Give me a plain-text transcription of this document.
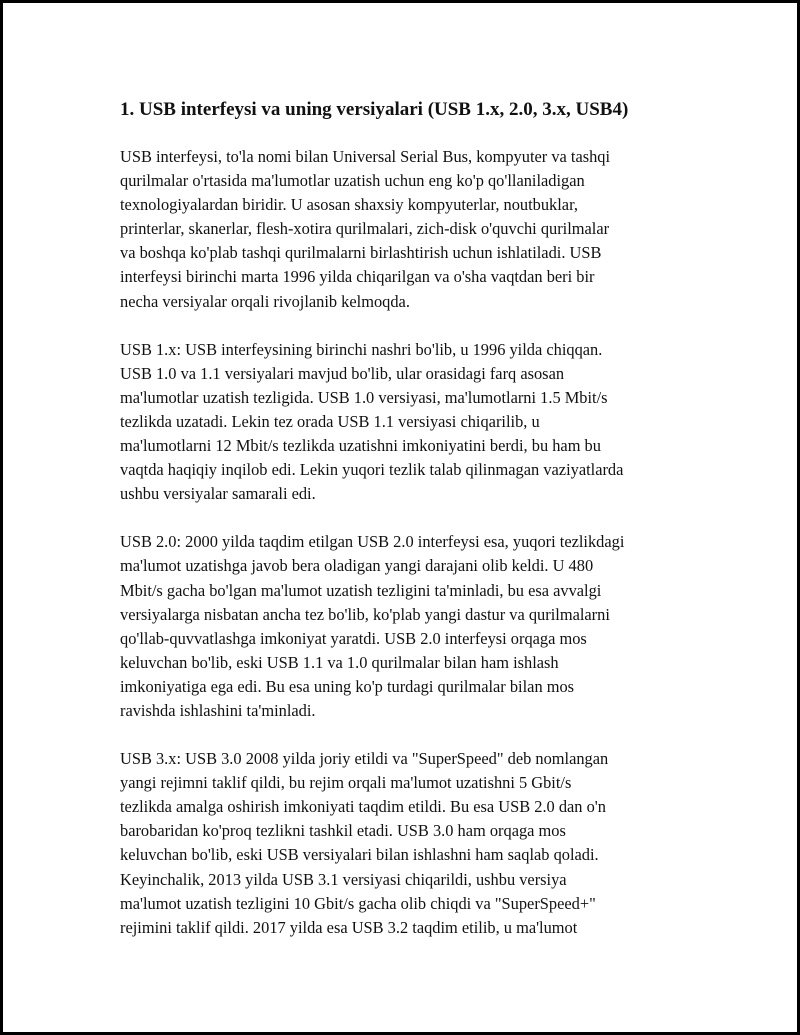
1. USB interfeysi va uning versiyalari (USB 1.x, 2.0, 3.x, USB4)

USB interfeysi, to'la nomi bilan Universal Serial Bus, kompyuter va tashqi
qurilmalar o'rtasida ma'lumotlar uzatish uchun eng ko'p qo'llaniladigan
texnologiyalardan biridir. U asosan shaxsiy kompyuterlar, noutbuklar,
printerlar, skanerlar, flesh-xotira qurilmalari, zich-disk o'quvchi qurilmalar
va boshqa ko'plab tashqi qurilmalarni birlashtirish uchun ishlatiladi. USB
interfeysi birinchi marta 1996 yilda chiqarilgan va o'sha vaqtdan beri bir
necha versiyalar orqali rivojlanib kelmoqda.

USB 1.x: USB interfeysining birinchi nashri bo'lib, u 1996 yilda chiqqan.
USB 1.0 va 1.1 versiyalari mavjud bo'lib, ular orasidagi farq asosan
ma'lumotlar uzatish tezligida. USB 1.0 versiyasi, ma'lumotlarni 1.5 Mbit/s
tezlikda uzatadi. Lekin tez orada USB 1.1 versiyasi chiqarilib, u
ma'lumotlarni 12 Mbit/s tezlikda uzatishni imkoniyatini berdi, bu ham bu
vaqtda haqiqiy inqilob edi. Lekin yuqori tezlik talab qilinmagan vaziyatlarda
ushbu versiyalar samarali edi.

USB 2.0: 2000 yilda taqdim etilgan USB 2.0 interfeysi esa, yuqori tezlikdagi
ma'lumot uzatishga javob bera oladigan yangi darajani olib keldi. U 480
Mbit/s gacha bo'lgan ma'lumot uzatish tezligini ta'minladi, bu esa avvalgi
versiyalarga nisbatan ancha tez bo'lib, ko'plab yangi dastur va qurilmalarni
qo'llab-quvvatlashga imkoniyat yaratdi. USB 2.0 interfeysi orqaga mos
keluvchan bo'lib, eski USB 1.1 va 1.0 qurilmalar bilan ham ishlash
imkoniyatiga ega edi. Bu esa uning ko'p turdagi qurilmalar bilan mos
ravishda ishlashini ta'minladi.

USB 3.x: USB 3.0 2008 yilda joriy etildi va "SuperSpeed" deb nomlangan
yangi rejimni taklif qildi, bu rejim orqali ma'lumot uzatishni 5 Gbit/s
tezlikda amalga oshirish imkoniyati taqdim etildi. Bu esa USB 2.0 dan o'n
barobaridan ko'proq tezlikni tashkil etadi. USB 3.0 ham orqaga mos
keluvchan bo'lib, eski USB versiyalari bilan ishlashni ham saqlab qoladi.
Keyinchalik, 2013 yilda USB 3.1 versiyasi chiqarildi, ushbu versiya
ma'lumot uzatish tezligini 10 Gbit/s gacha olib chiqdi va "SuperSpeed+"
rejimini taklif qildi. 2017 yilda esa USB 3.2 taqdim etilib, u ma'lumot
